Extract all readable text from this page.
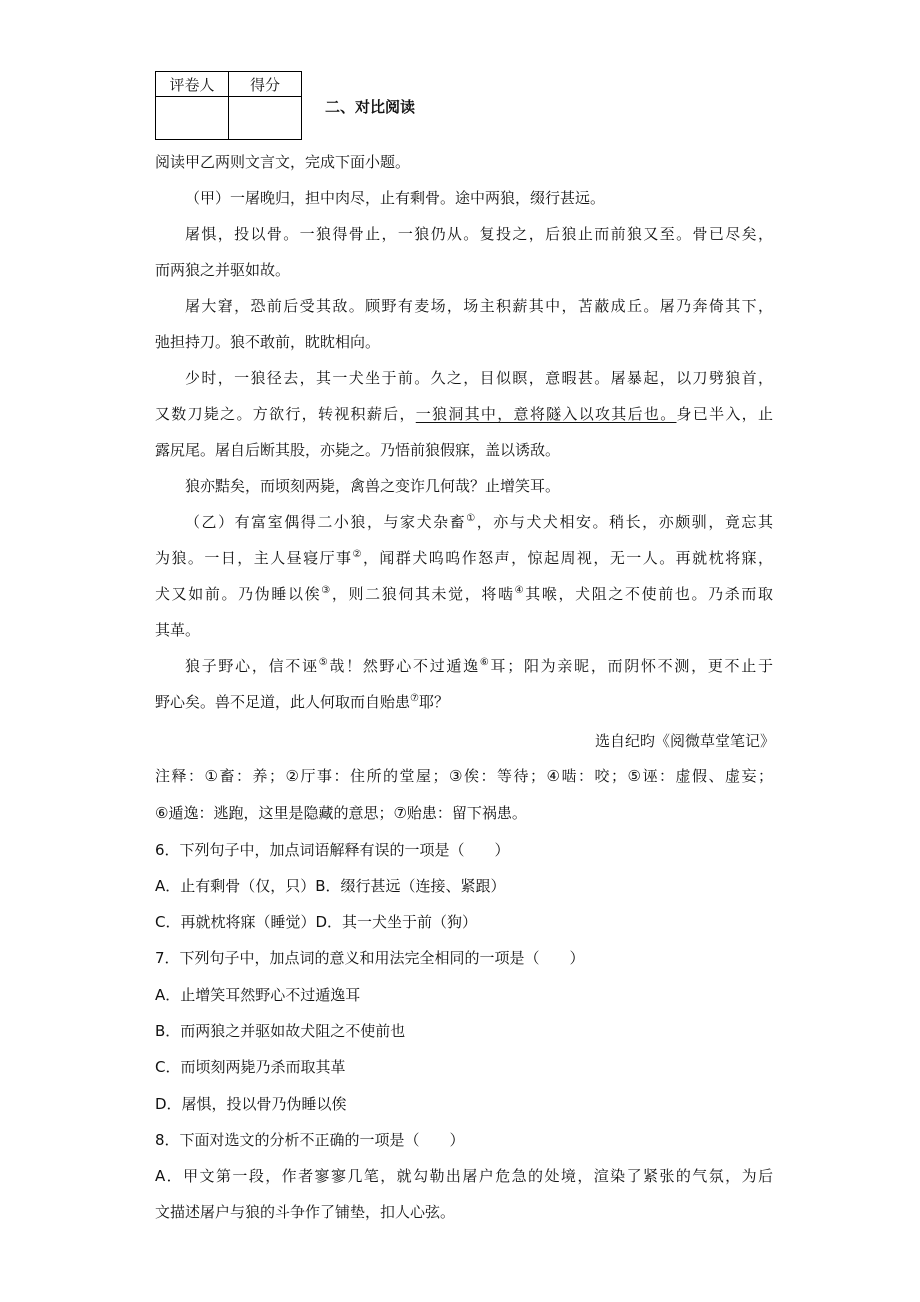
评卷人	得分

二、对比阅读
阅读甲乙两则文言文，完成下面小题。
（甲）一屠晚归，担中肉尽，止有剩骨。途中两狼，缀行甚远。
屠惧，投以骨。一狼得骨止，一狼仍从。复投之，后狼止而前狼又至。骨已尽矣，
而两狼之并驱如故。
屠大窘，恐前后受其敌。顾野有麦场，场主积薪其中，苫蔽成丘。屠乃奔倚其下，
弛担持刀。狼不敢前，眈眈相向。
少时，一狼径去，其一犬坐于前。久之，目似瞑，意暇甚。屠暴起，以刀劈狼首，
又数刀毙之。方欲行，转视积薪后，一狼洞其中，意将隧入以攻其后也。身已半入，止
露尻尾。屠自后断其股，亦毙之。乃悟前狼假寐，盖以诱敌。
狼亦黠矣，而顷刻两毙，禽兽之变诈几何哉？止增笑耳。
（乙）有富室偶得二小狼，与家犬杂畜①，亦与犬犬相安。稍长，亦颇驯，竟忘其
为狼。一日，主人昼寝厅事②，闻群犬呜呜作怒声，惊起周视，无一人。再就枕将寐，
犬又如前。乃伪睡以俟③，则二狼伺其未觉，将啮④其喉，犬阻之不使前也。乃杀而取
其革。
狼子野心，信不诬⑤哉！然野心不过遁逸⑥耳；阳为亲昵，而阴怀不测，更不止于
野心矣。兽不足道，此人何取而自贻患⑦耶？
选自纪昀《阅微草堂笔记》
注释：①畜：养；②厅事：住所的堂屋；③俟：等待；④啮：咬；⑤诬：虚假、虚妄；
⑥遁逸：逃跑，这里是隐藏的意思；⑦贻患：留下祸患。
6．下列句子中，加点词语解释有误的一项是（　　）
A．止有剩骨（仅，只）B．缀行甚远（连接、紧跟）
C．再就枕将寐（睡觉）D．其一犬坐于前（狗）
7．下列句子中，加点词的意义和用法完全相同的一项是（　　）
A．止增笑耳然野心不过遁逸耳
B．而两狼之并驱如故犬阻之不使前也
C．而顷刻两毙乃杀而取其革
D．屠惧，投以骨乃伪睡以俟
8．下面对选文的分析不正确的一项是（　　）
A．甲文第一段，作者寥寥几笔，就勾勒出屠户危急的处境，渲染了紧张的气氛，为后
文描述屠户与狼的斗争作了铺垫，扣人心弦。
